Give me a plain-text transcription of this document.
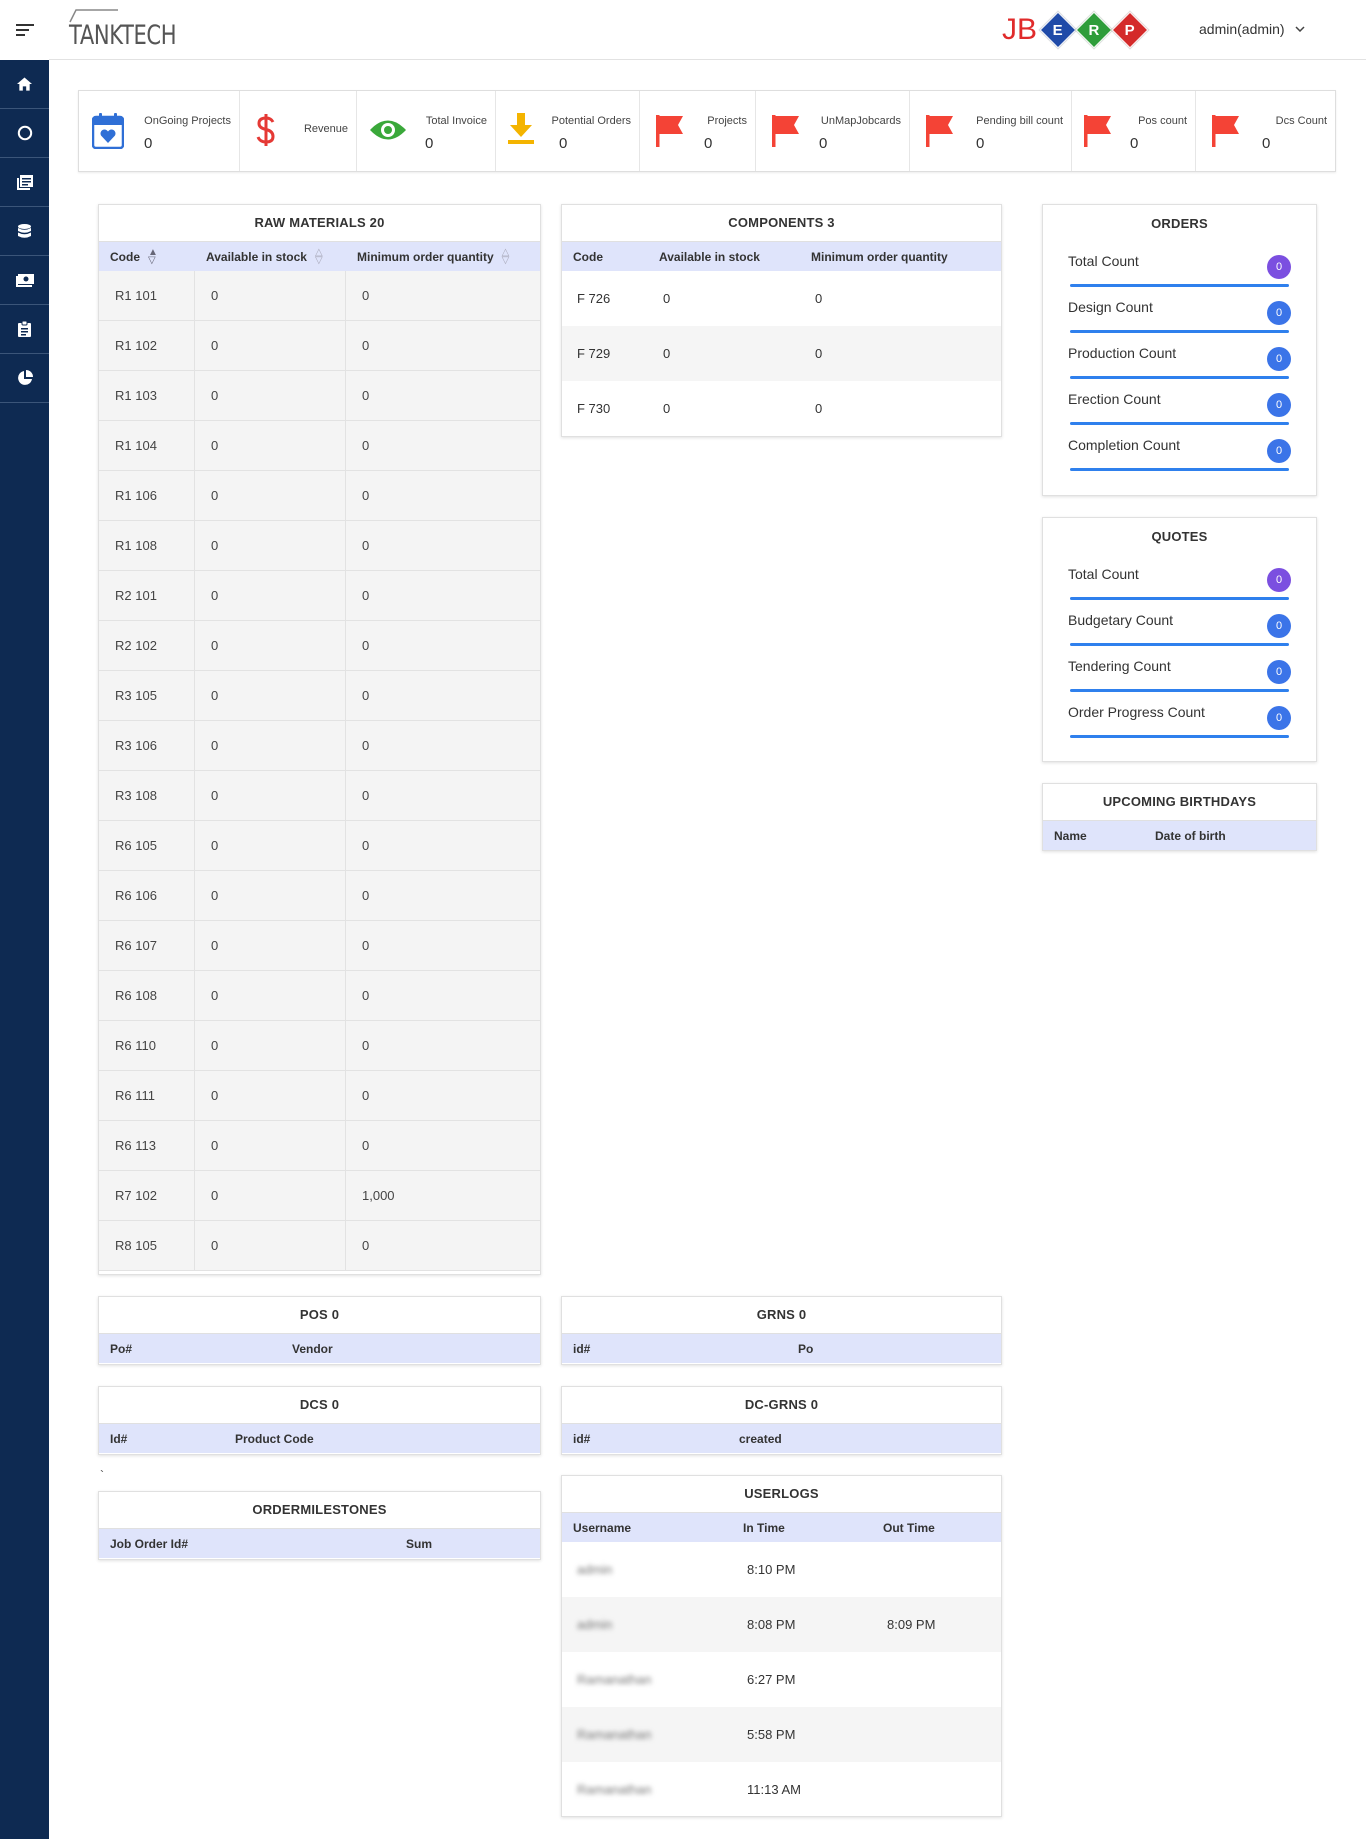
TANKTECH	JB E R P	admin(admin)
OnGoing Projects
0
Revenue
Total Invoice
0
Potential Orders
0
Projects
0
UnMapJobcards
0
Pending bill count
0
Pos count
0
Dcs Count
0
RAW MATERIALS 20
Code ▲
▽	Available in stock △
▽	Minimum order quantity △
▽
R1 101	0	0
R1 102	0	0
R1 103	0	0
R1 104	0	0
R1 106	0	0
R1 108	0	0
R2 101	0	0
R2 102	0	0
R3 105	0	0
R3 106	0	0
R3 108	0	0
R6 105	0	0
R6 106	0	0
R6 107	0	0
R6 108	0	0
R6 110	0	0
R6 111	0	0
R6 113	0	0
R7 102	0	1,000
R8 105	0	0
COMPONENTS 3
Code	Available in stock	Minimum order quantity
F 726	0	0
F 729	0	0
F 730	0	0
ORDERS
Total Count	0
Design Count	0
Production Count	0
Erection Count	0
Completion Count	0
QUOTES
Total Count	0
Budgetary Count	0
Tendering Count	0
Order Progress Count	0
UPCOMING BIRTHDAYS
Name	Date of birth
POS 0
Po#	Vendor
GRNS 0
id#	Po
DCS 0
Id#	Product Code
DC-GRNS 0
id#	created
`
ORDERMILESTONES
Job Order Id#	Sum
USERLOGS
Username	In Time	Out Time
admin	8:10 PM
admin	8:08 PM	8:09 PM
Ramanathan	6:27 PM
Ramanathan	5:58 PM
Ramanathan	11:13 AM
